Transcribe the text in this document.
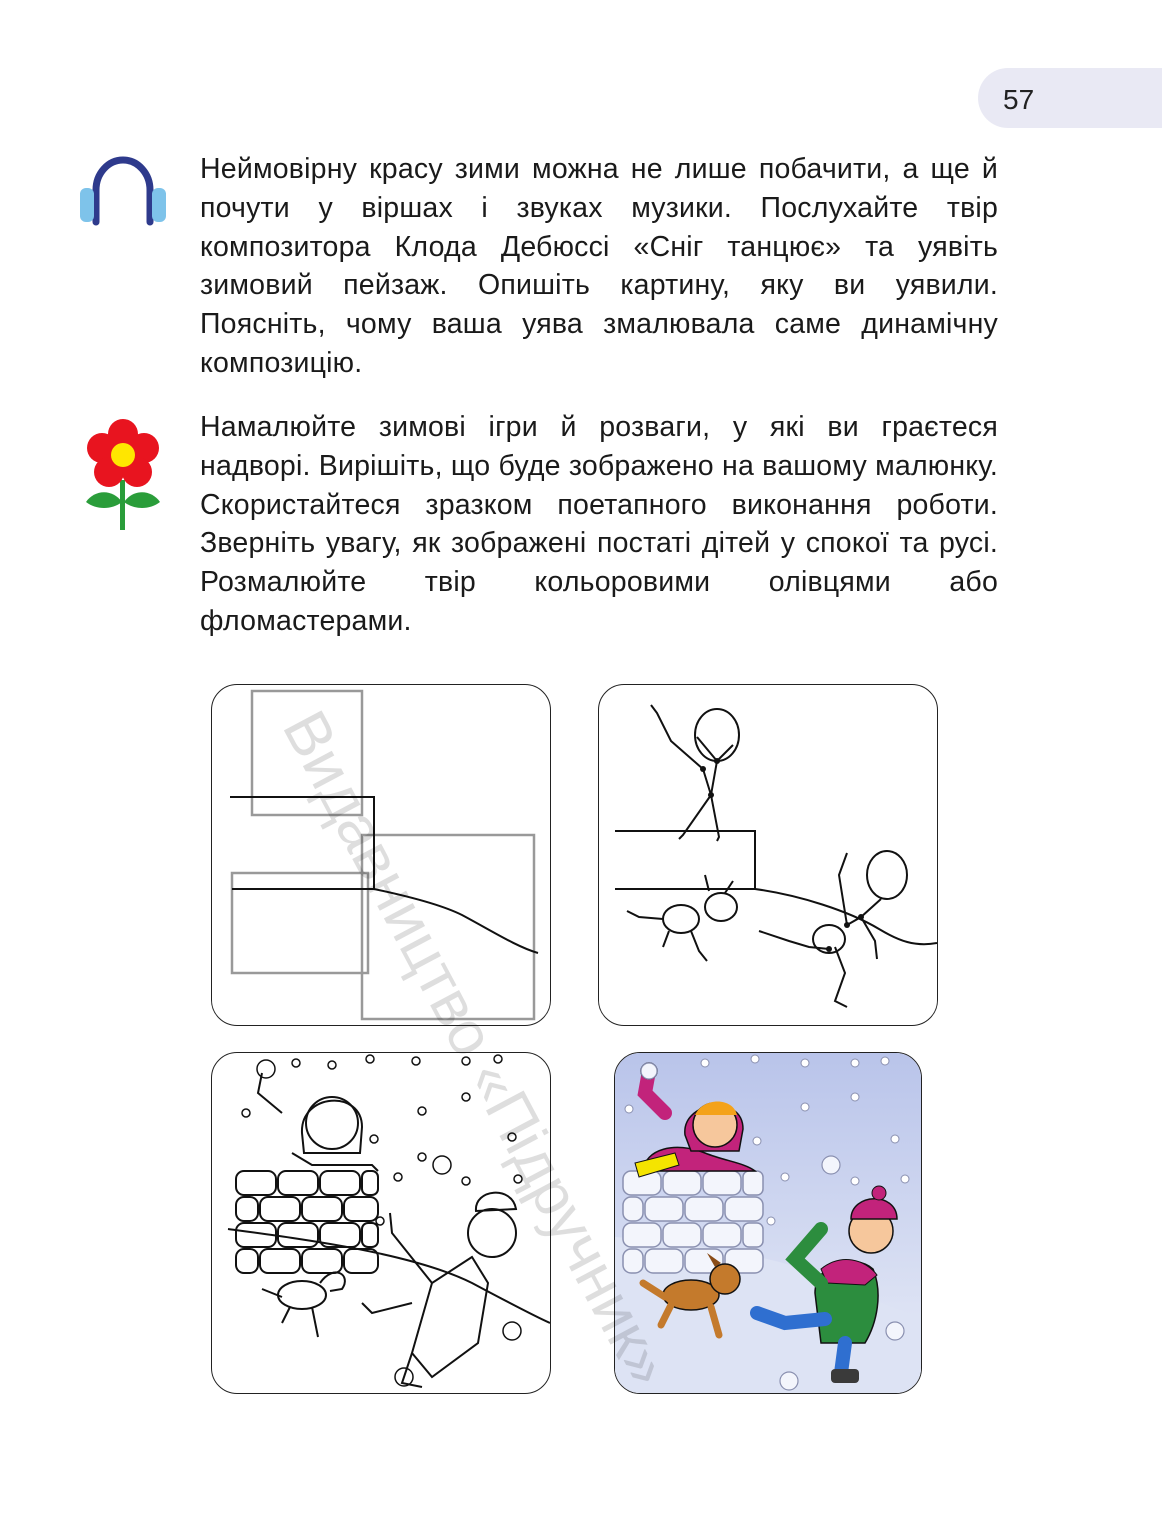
57

Неймовірну красу зими можна не лише побачити, а ще й почути у віршах і звуках музики. Послухайте твір композитора Клода Дебюссі «Сніг танцює» та уявіть зимовий пейзаж. Опишіть картину, яку ви уявили. Поясніть, чому ваша уява змалювала саме динамічну композицію.

Намалюйте зимові ігри й розваги, у які ви граєтеся надворі. Вирішіть, що буде зображено на вашому малюнку. Скористайтеся зразком поетапного виконання роботи. Зверніть увагу, як зображені постаті дітей у спокої та русі. Розмалюйте твір кольоровими олівцями або фломастерами.

Видавництво «Підручник»
